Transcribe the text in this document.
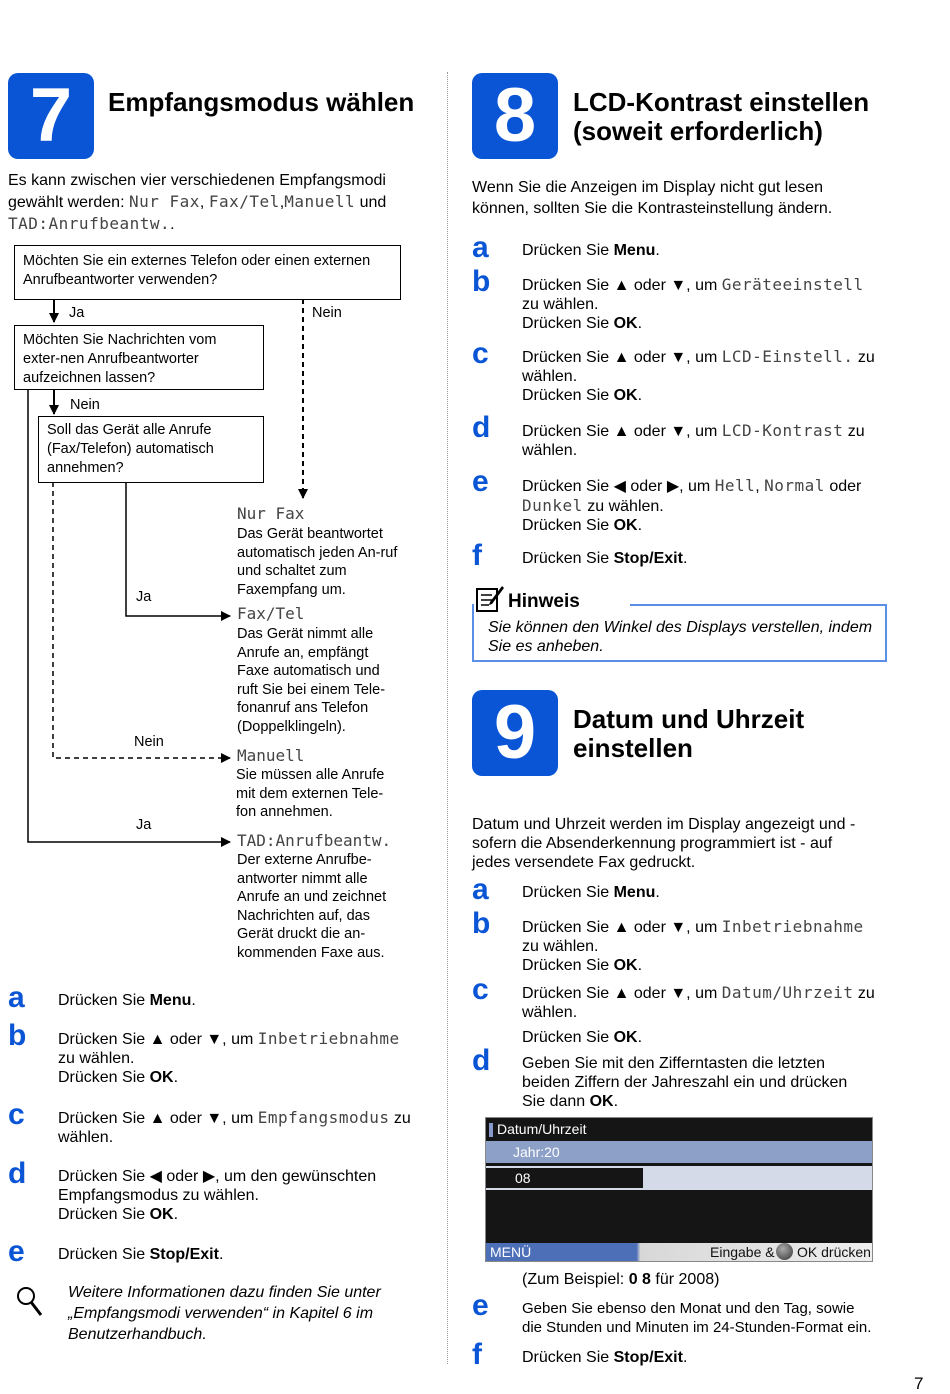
7	Empfangsmodus wählen
Es kann zwischen vier verschiedenen Empfangsmodi
gewählt werden: Nur Fax, Fax/Tel,Manuell und
TAD:Anrufbeantw..
Möchten Sie ein externes Telefon oder einen externen Anrufbeantworter verwenden?
Ja	Nein
Möchten Sie Nachrichten vom exter-nen Anrufbeantworter aufzeichnen lassen?
Nein
Soll das Gerät alle Anrufe (Fax/Telefon) automatisch annehmen?
Nur Fax
Das Gerät beantwortet automatisch jeden An-ruf und schaltet zum Faxempfang um.
Ja
Fax/Tel
Das Gerät nimmt alle Anrufe an, empfängt Faxe automatisch und ruft Sie bei einem Tele-fonanruf ans Telefon (Doppelklingeln).
Nein
Manuell
Sie müssen alle Anrufe mit dem externen Tele-fon annehmen.
Ja
TAD:Anrufbeantw.
Der externe Anrufbe-antworter nimmt alle Anrufe an und zeichnet Nachrichten auf, das Gerät druckt die an-kommenden Faxe aus.
a Drücken Sie Menu.
b Drücken Sie ▲ oder ▼, um Inbetriebnahme
zu wählen.
Drücken Sie OK.
c Drücken Sie ▲ oder ▼, um Empfangsmodus zu
wählen.
d Drücken Sie ◀ oder ▶, um den gewünschten
Empfangsmodus zu wählen.
Drücken Sie OK.
e Drücken Sie Stop/Exit.
Weitere Informationen dazu finden Sie unter „Empfangsmodi verwenden“ in Kapitel 6 im Benutzerhandbuch.
8	LCD-Kontrast einstellen
(soweit erforderlich)
Wenn Sie die Anzeigen im Display nicht gut lesen
können, sollten Sie die Kontrasteinstellung ändern.
a Drücken Sie Menu.
b Drücken Sie ▲ oder ▼, um Geräteeinstell
zu wählen.
Drücken Sie OK.
c Drücken Sie ▲ oder ▼, um LCD-Einstell. zu
wählen.
Drücken Sie OK.
d Drücken Sie ▲ oder ▼, um LCD-Kontrast zu
wählen.
e Drücken Sie ◀ oder ▶, um Hell, Normal oder
Dunkel zu wählen.
Drücken Sie OK.
f	Drücken Sie Stop/Exit.
Hinweis
Sie können den Winkel des Displays verstellen, indem Sie es anheben.
9	Datum und Uhrzeit
einstellen
Datum und Uhrzeit werden im Display angezeigt und -
sofern die Absenderkennung programmiert ist - auf
jedes versendete Fax gedruckt.
a Drücken Sie Menu.
b Drücken Sie ▲ oder ▼, um Inbetriebnahme
zu wählen.
Drücken Sie OK.
c Drücken Sie ▲ oder ▼, um Datum/Uhrzeit zu
wählen.
Drücken Sie OK.
d Geben Sie mit den Zifferntasten die letzten
beiden Ziffern der Jahreszahl ein und drücken
Sie dann OK.
Datum/Uhrzeit
Jahr:20
08
MENÜ	Eingabe & OK drücken
(Zum Beispiel: 0 8 für 2008)
e Geben Sie ebenso den Monat und den Tag, sowie
die Stunden und Minuten im 24-Stunden-Format ein.
f	Drücken Sie Stop/Exit.
7
